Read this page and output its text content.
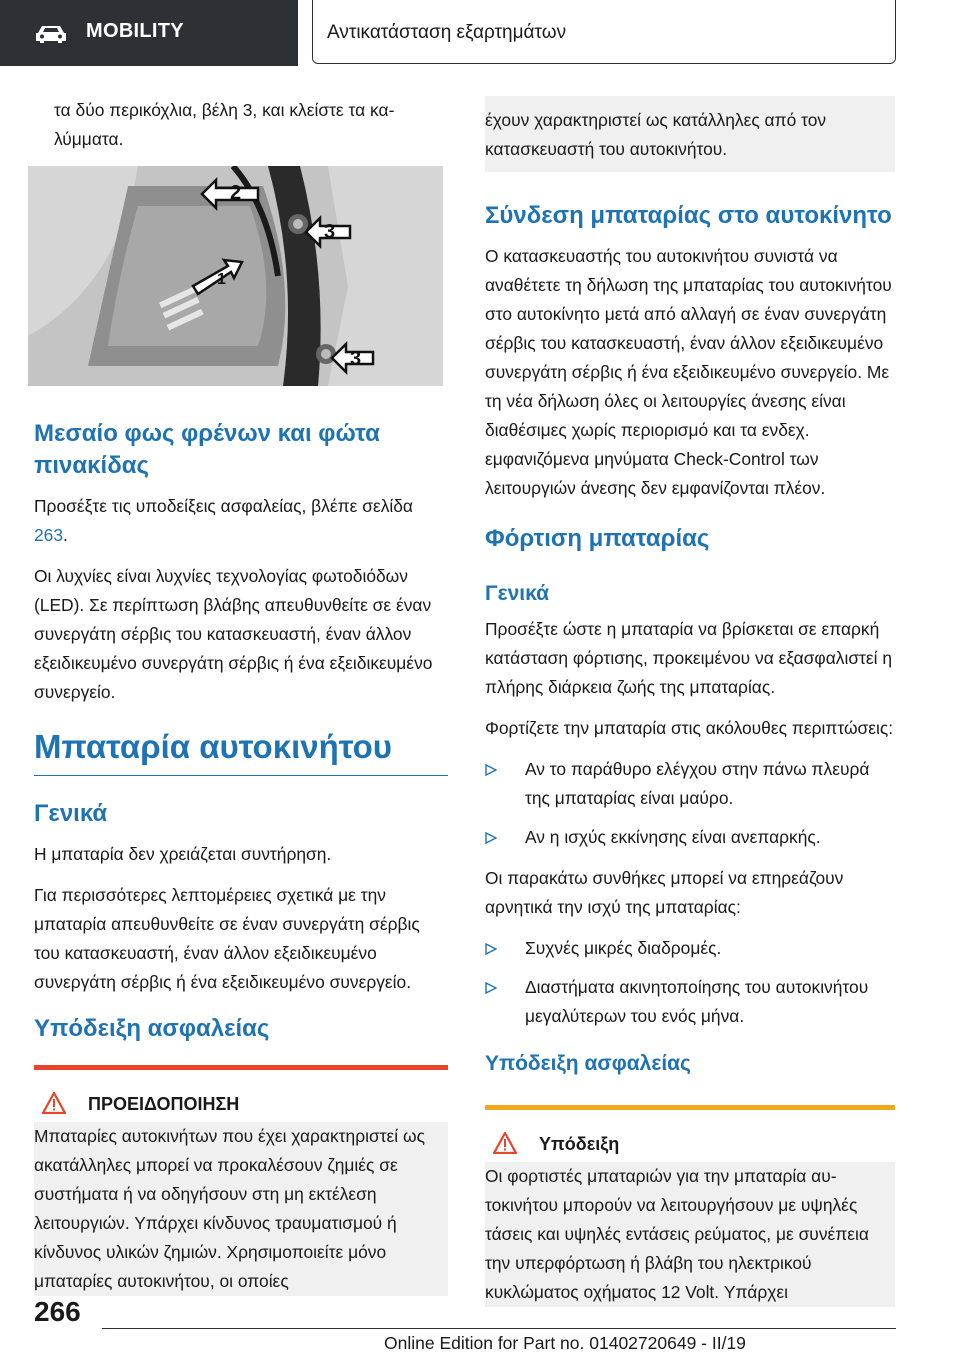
MOBILITY	Αντικατάσταση εξαρτημάτων

τα δύο περικόχλια, βέλη 3, και κλείστε τα καλύμματα.

2
3
1
3
Μεσαίο φως φρένων και φώτα πινακίδας

Προσέξτε τις υποδείξεις ασφαλείας, βλέπε σελίδα 263.

Οι λυχνίες είναι λυχνίες τεχνολογίας φωτοδιόδων (LED). Σε περίπτωση βλάβης απευθυνθείτε σε έναν συνεργάτη σέρβις του κατασκευαστή, έναν άλλον εξειδικευμένο συνεργάτη σέρβις ή ένα εξειδικευμένο συνεργείο.

Μπαταρία αυτοκινήτου
Γενικά

Η μπαταρία δεν χρειάζεται συντήρηση.

Για περισσότερες λεπτομέρειες σχετικά με την μπαταρία απευθυνθείτε σε έναν συνεργάτη σέρβις του κατασκευαστή, έναν άλλον εξειδικευμένο συνεργάτη σέρβις ή ένα εξειδικευμένο συνεργείο.

Υπόδειξη ασφαλείας
ΠΡΟΕΙΔΟΠΟΙΗΣΗ

Μπαταρίες αυτοκινήτων που έχει χαρακτηριστεί ως ακατάλληλες μπορεί να προκαλέσουν ζημιές σε συστήματα ή να οδηγήσουν στη μη εκτέλεση λειτουργιών. Υπάρχει κίνδυνος τραυματισμού ή κίνδυνος υλικών ζημιών. Χρησιμοποιείτε μόνο μπαταρίες αυτοκινήτου, οι οποίες

έχουν χαρακτηριστεί ως κατάλληλες από τον κατασκευαστή του αυτοκινήτου.

Σύνδεση μπαταρίας στο αυτοκίνητο

Ο κατασκευαστής του αυτοκινήτου συνιστά να αναθέτετε τη δήλωση της μπαταρίας του αυτοκινήτου στο αυτοκίνητο μετά από αλλαγή σε έναν συνεργάτη σέρβις του κατασκευαστή, έναν άλλον εξειδικευμένο συνεργάτη σέρβις ή ένα εξειδικευμένο συνεργείο. Με τη νέα δήλωση όλες οι λειτουργίες άνεσης είναι διαθέσιμες χωρίς περιορισμό και τα ενδεχ. εμφανιζόμενα μηνύματα Check-Control των λειτουργιών άνεσης δεν εμφανίζονται πλέον.

Φόρτιση μπαταρίας
Γενικά

Προσέξτε ώστε η μπαταρία να βρίσκεται σε επαρκή κατάσταση φόρτισης, προκειμένου να εξασφαλιστεί η πλήρης διάρκεια ζωής της μπαταρίας.

Φορτίζετε την μπαταρία στις ακόλουθες περιπτώσεις:

Αν το παράθυρο ελέγχου στην πάνω πλευρά της μπαταρίας είναι μαύρο.
Αν η ισχύς εκκίνησης είναι ανεπαρκής.

Οι παρακάτω συνθήκες μπορεί να επηρεάζουν αρνητικά την ισχύ της μπαταρίας:

Συχνές μικρές διαδρομές.
Διαστήματα ακινητοποίησης του αυτοκινήτου μεγαλύτερων του ενός μήνα.
Υπόδειξη ασφαλείας
Υπόδειξη

Οι φορτιστές μπαταριών για την μπαταρία αυτοκινήτου μπορούν να λειτουργήσουν με υψηλές τάσεις και υψηλές εντάσεις ρεύματος, με συνέπεια την υπερφόρτωση ή βλάβη του ηλεκτρικού κυκλώματος οχήματος 12 Volt. Υπάρχει

266
Online Edition for Part no. 01402720649 - II/19
